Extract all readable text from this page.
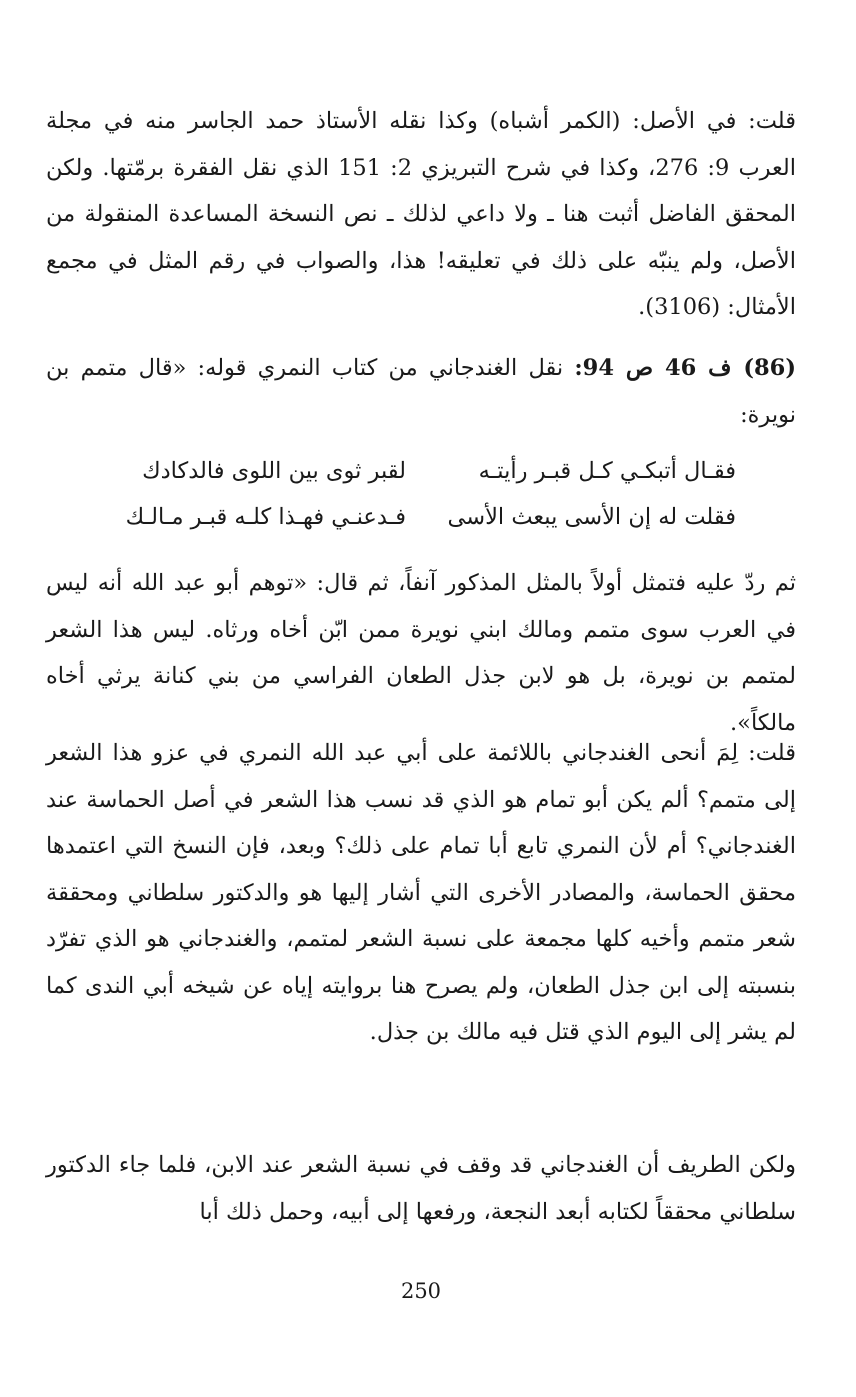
قلت: في الأصل: (الكمر أشباه) وكذا نقله الأستاذ حمد الجاسر منه في مجلة العرب 9: 276، وكذا في شرح التبريزي 2: 151 الذي نقل الفقرة برمّتها. ولكن المحقق الفاضل أثبت هنا ـ ولا داعي لذلك ـ نص النسخة المساعدة المنقولة من الأصل، ولم ينبّه على ذلك في تعليقه! هذا، والصواب في رقم المثل في مجمع الأمثال: (3106).

(86) ف 46 ص 94: نقل الغندجاني من كتاب النمري قوله: «قال متمم بن نويرة:

فقـال أتبكـي كـل قبـر رأيتـه
لقبر ثوى بين اللوى فالدكادك
فقلت له إن الأسى يبعث الأسى
فـدعنـي فهـذا كلـه قبـر مـالـك

ثم ردّ عليه فتمثل أولاً بالمثل المذكور آنفاً، ثم قال: «توهم أبو عبد الله أنه ليس في العرب سوى متمم ومالك ابني نويرة ممن ابّن أخاه ورثاه. ليس هذا الشعر لمتمم بن نويرة، بل هو لابن جذل الطعان الفراسي من بني كنانة يرثي أخاه مالكاً».

قلت: لِمَ أنحى الغندجاني باللائمة على أبي عبد الله النمري في عزو هذا الشعر إلى متمم؟ ألم يكن أبو تمام هو الذي قد نسب هذا الشعر في أصل الحماسة عند الغندجاني؟ أم لأن النمري تابع أبا تمام على ذلك؟ وبعد، فإن النسخ التي اعتمدها محقق الحماسة، والمصادر الأخرى التي أشار إليها هو والدكتور سلطاني ومحققة شعر متمم وأخيه كلها مجمعة على نسبة الشعر لمتمم، والغندجاني هو الذي تفرّد بنسبته إلى ابن جذل الطعان، ولم يصرح هنا بروايته إياه عن شيخه أبي الندى كما لم يشر إلى اليوم الذي قتل فيه مالك بن جذل.

ولكن الطريف أن الغندجاني قد وقف في نسبة الشعر عند الابن، فلما جاء الدكتور سلطاني محققاً لكتابه أبعد النجعة، ورفعها إلى أبيه، وحمل ذلك أبا

250
